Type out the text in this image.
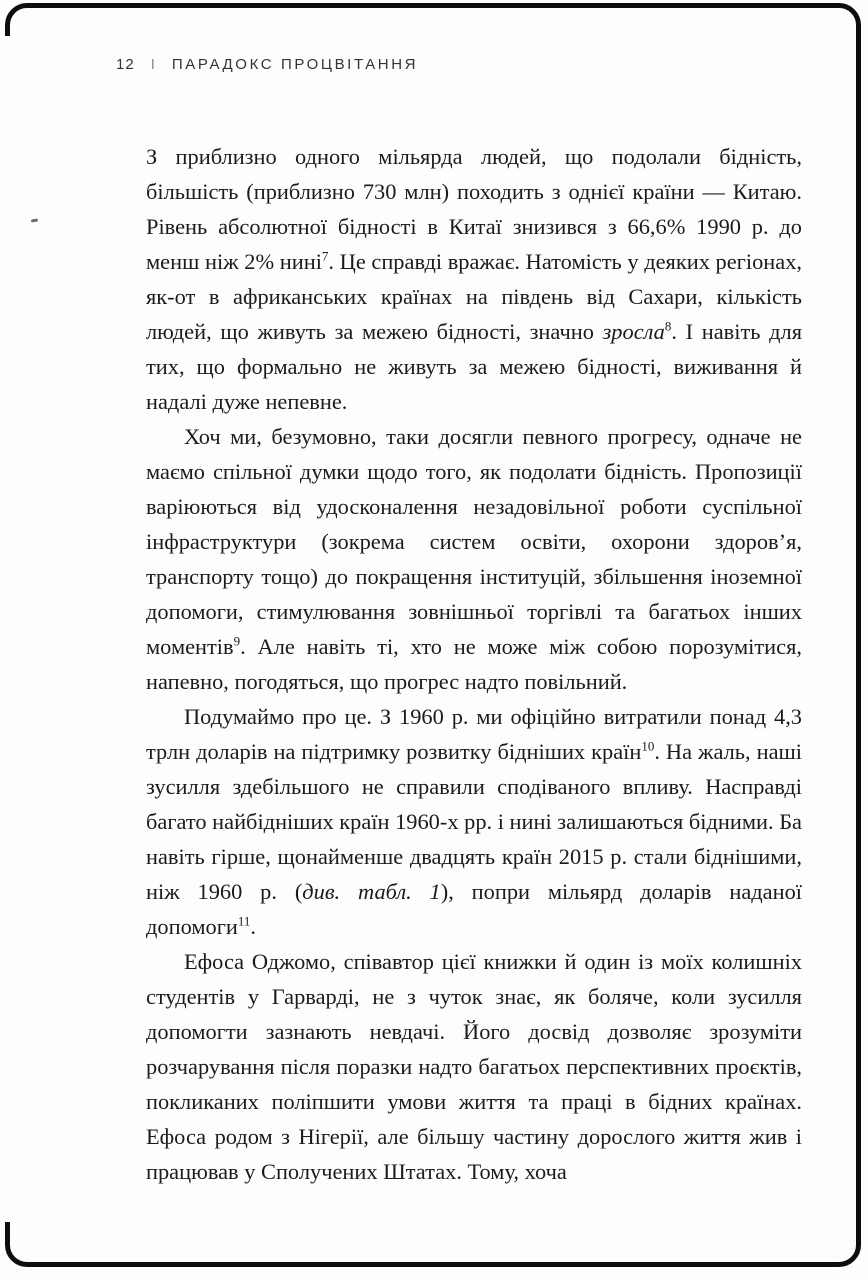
12 І ПАРАДОКС ПРОЦВІТАННЯ

З приблизно одного мільярда людей, що подолали бідність, більшість (приблизно 730 млн) походить з однієї країни — Китаю. Рівень абсолютної бідності в Китаї знизився з 66,6% 1990 р. до менш ніж 2% нині$^7$. Це справді вражає. Натомість у деяких регіонах, як-от в африканських країнах на південь від Сахари, кількість людей, що живуть за межею бідності, значно зросла$^8$. І навіть для тих, що формально не живуть за межею бідності, виживання й надалі дуже непевне.

Хоч ми, безумовно, таки досягли певного прогресу, одначе не маємо спільної думки щодо того, як подолати бідність. Пропозиції варіюються від удосконалення незадовільної роботи суспільної інфраструктури (зокрема систем освіти, охорони здоров’я, транспорту тощо) до покращення інституцій, збільшення іноземної допомоги, стимулювання зовнішньої торгівлі та багатьох інших моментів$^9$. Але навіть ті, хто не може між собою порозумітися, напевно, погодяться, що прогрес надто повільний.

Подумаймо про це. З 1960 р. ми офіційно витратили понад 4,3 трлн доларів на підтримку розвитку бідніших країн$^{10}$. На жаль, наші зусилля здебільшого не справили сподіваного впливу. Насправді багато найбідніших країн 1960-х рр. і нині залишаються бідними. Ба навіть гірше, щонайменше двадцять країн 2015 р. стали біднішими, ніж 1960 р. (див. табл. 1), попри мільярд доларів наданої допомоги$^{11}$.

Ефоса Оджомо, співавтор цієї книжки й один із моїх колишніх студентів у Гарварді, не з чуток знає, як боляче, коли зусилля допомогти зазнають невдачі. Його досвід дозволяє зрозуміти розчарування після поразки надто багатьох перспективних проєктів, покликаних поліпшити умови життя та праці в бідних країнах. Ефоса родом з Нігерії, але більшу частину дорослого життя жив і працював у Сполучених Штатах. Тому, хоча
